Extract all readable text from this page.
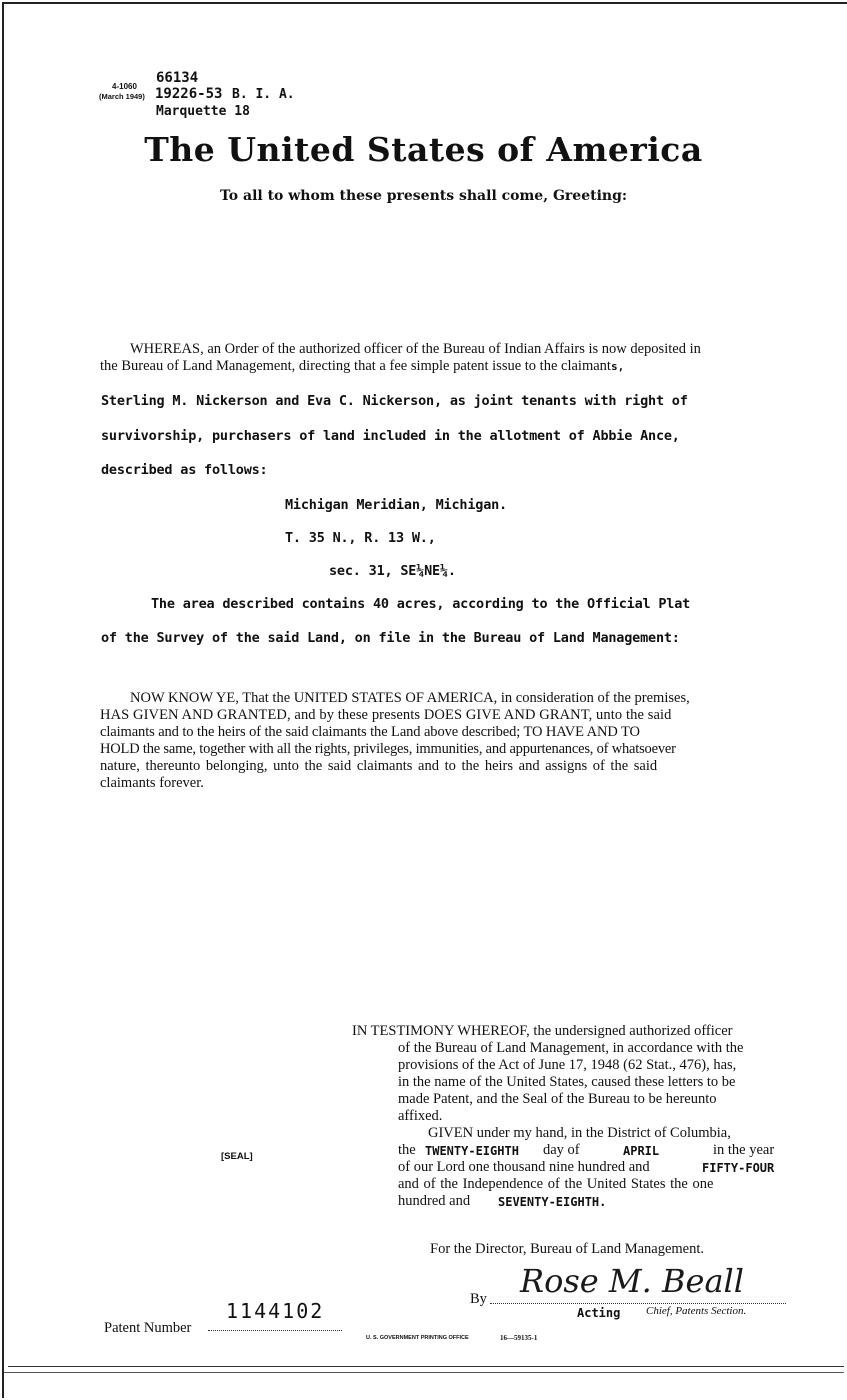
66134
4-1060
(March 1949) 19226-53 B. I. A.
Marquette 18
The United States of America
To all to whom these presents shall come, Greeting:
WHEREAS, an Order of the authorized officer of the Bureau of Indian Affairs is now deposited in
the Bureau of Land Management, directing that a fee simple patent issue to the claimants,
Sterling M. Nickerson and Eva C. Nickerson, as joint tenants with right of
survivorship, purchasers of land included in the allotment of Abbie Ance,
described as follows:
Michigan Meridian, Michigan.
T. 35 N., R. 13 W.,
sec. 31, SE¼NE¼.
The area described contains 40 acres, according to the Official Plat
of the Survey of the said Land, on file in the Bureau of Land Management:
NOW KNOW YE, That the UNITED STATES OF AMERICA, in consideration of the premises,
HAS GIVEN AND GRANTED, and by these presents DOES GIVE AND GRANT, unto the said
claimants and to the heirs of the said claimants the Land above described; TO HAVE AND TO
HOLD the same, together with all the rights, privileges, immunities, and appurtenances, of whatsoever
nature, thereunto belonging, unto the said claimants and to the heirs and assigns of the said
claimants forever.
IN TESTIMONY WHEREOF, the undersigned authorized officer
of the Bureau of Land Management, in accordance with the
provisions of the Act of June 17, 1948 (62 Stat., 476), has,
in the name of the United States, caused these letters to be
made Patent, and the Seal of the Bureau to be hereunto
affixed.
GIVEN under my hand, in the District of Columbia,
the TWENTY-EIGHTH day of	APRIL	in the year
of our Lord one thousand nine hundred and	FIFTY-FOUR
and of the Independence of the United States the one
hundred and SEVENTY-EIGHTH.
[SEAL]
For the Director, Bureau of Land Management.
By Rose M. Beall
Acting Chief, Patents Section.
Patent Number
1144102
U. S. GOVERNMENT PRINTING OFFICE	16—59135-1
